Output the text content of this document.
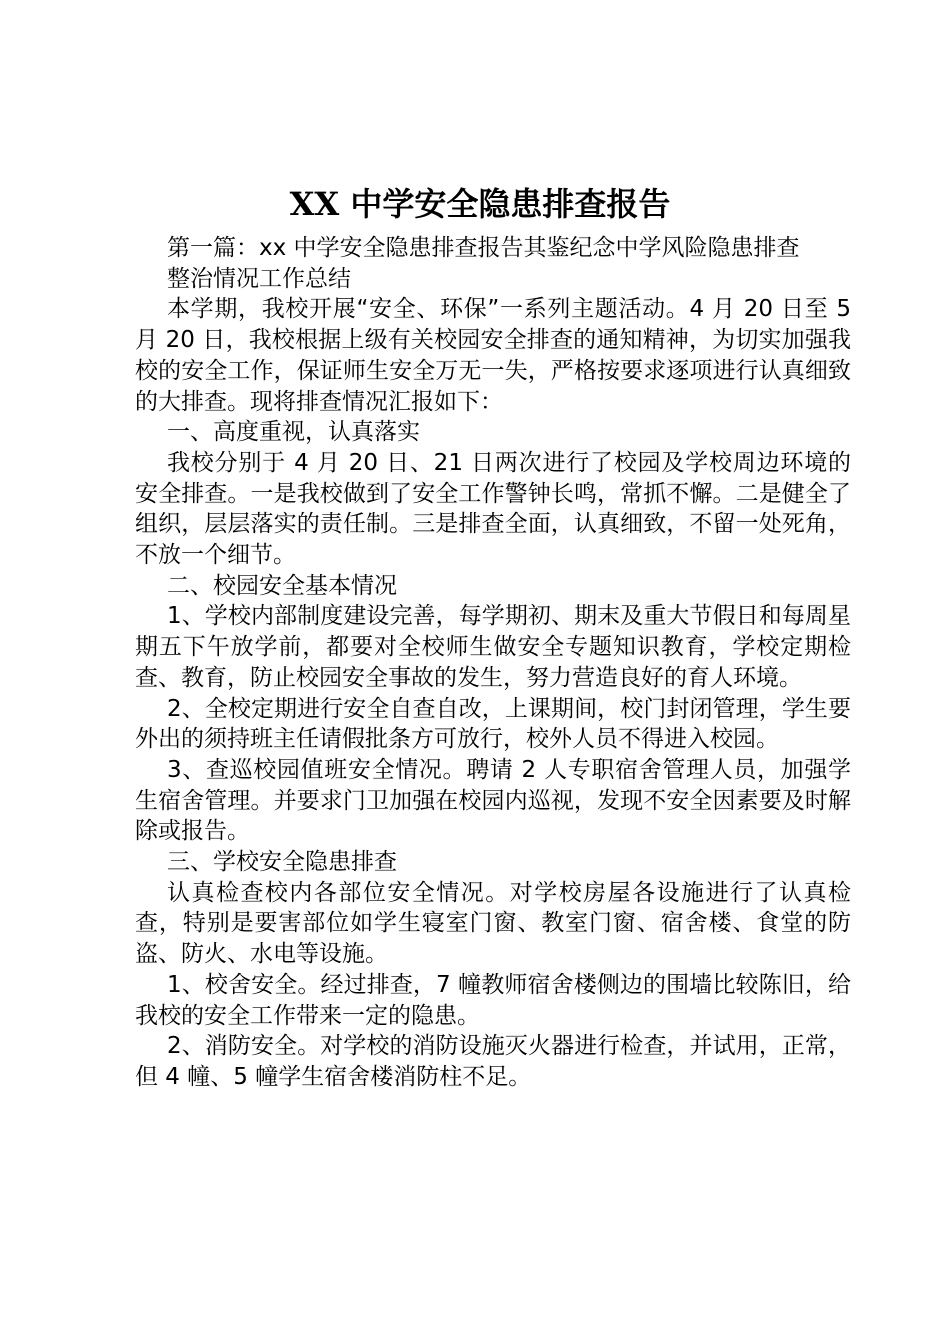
XX 中学安全隐患排查报告

第一篇：xx 中学安全隐患排查报告其鉴纪念中学风险隐患排查

整治情况工作总结

本学期，我校开展“安全、环保”一系列主题活动。4 月 20 日至 5 月 20 日，我校根据上级有关校园安全排查的通知精神，为切实加强我校的安全工作，保证师生安全万无一失，严格按要求逐项进行认真细致的大排查。现将排查情况汇报如下：

一、高度重视，认真落实

我校分别于 4 月 20 日、21 日两次进行了校园及学校周边环境的安全排查。一是我校做到了安全工作警钟长鸣，常抓不懈。二是健全了组织，层层落实的责任制。三是排查全面，认真细致，不留一处死角，不放一个细节。

二、校园安全基本情况

1、学校内部制度建设完善，每学期初、期末及重大节假日和每周星期五下午放学前，都要对全校师生做安全专题知识教育，学校定期检查、教育，防止校园安全事故的发生，努力营造良好的育人环境。

2、全校定期进行安全自查自改，上课期间，校门封闭管理，学生要外出的须持班主任请假批条方可放行，校外人员不得进入校园。

3、查巡校园值班安全情况。聘请 2 人专职宿舍管理人员，加强学生宿舍管理。并要求门卫加强在校园内巡视，发现不安全因素要及时解除或报告。

三、学校安全隐患排查

认真检查校内各部位安全情况。对学校房屋各设施进行了认真检查，特别是要害部位如学生寝室门窗、教室门窗、宿舍楼、食堂的防盗、防火、水电等设施。

1、校舍安全。经过排查，7 幢教师宿舍楼侧边的围墙比较陈旧，给我校的安全工作带来一定的隐患。

2、消防安全。对学校的消防设施灭火器进行检查，并试用，正常，但 4 幢、5 幢学生宿舍楼消防柱不足。
